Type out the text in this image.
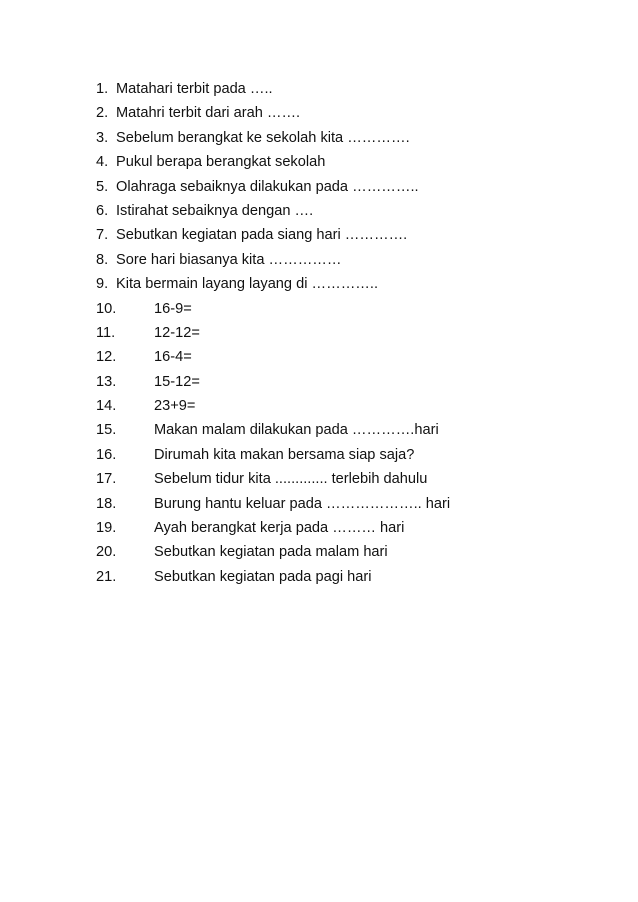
1. Matahari terbit pada …..
2. Matahri terbit dari arah …….
3. Sebelum berangkat ke sekolah kita ………….
4. Pukul berapa berangkat sekolah
5. Olahraga sebaiknya dilakukan pada …………..
6. Istirahat sebaiknya dengan ….
7. Sebutkan kegiatan pada siang hari ………….
8. Sore hari biasanya kita ……………
9. Kita bermain layang layang di …………..
10.	16-9=
11.	12-12=
12.	16-4=
13.	15-12=
14.	23+9=
15.	Makan malam dilakukan pada ………….hari
16.	Dirumah kita makan bersama siap saja?
17.	Sebelum tidur kita ............. terlebih dahulu
18.	Burung hantu keluar pada ……………….. hari
19.	Ayah berangkat kerja pada ……… hari
20.	Sebutkan kegiatan pada malam hari
21.	Sebutkan kegiatan pada pagi hari
